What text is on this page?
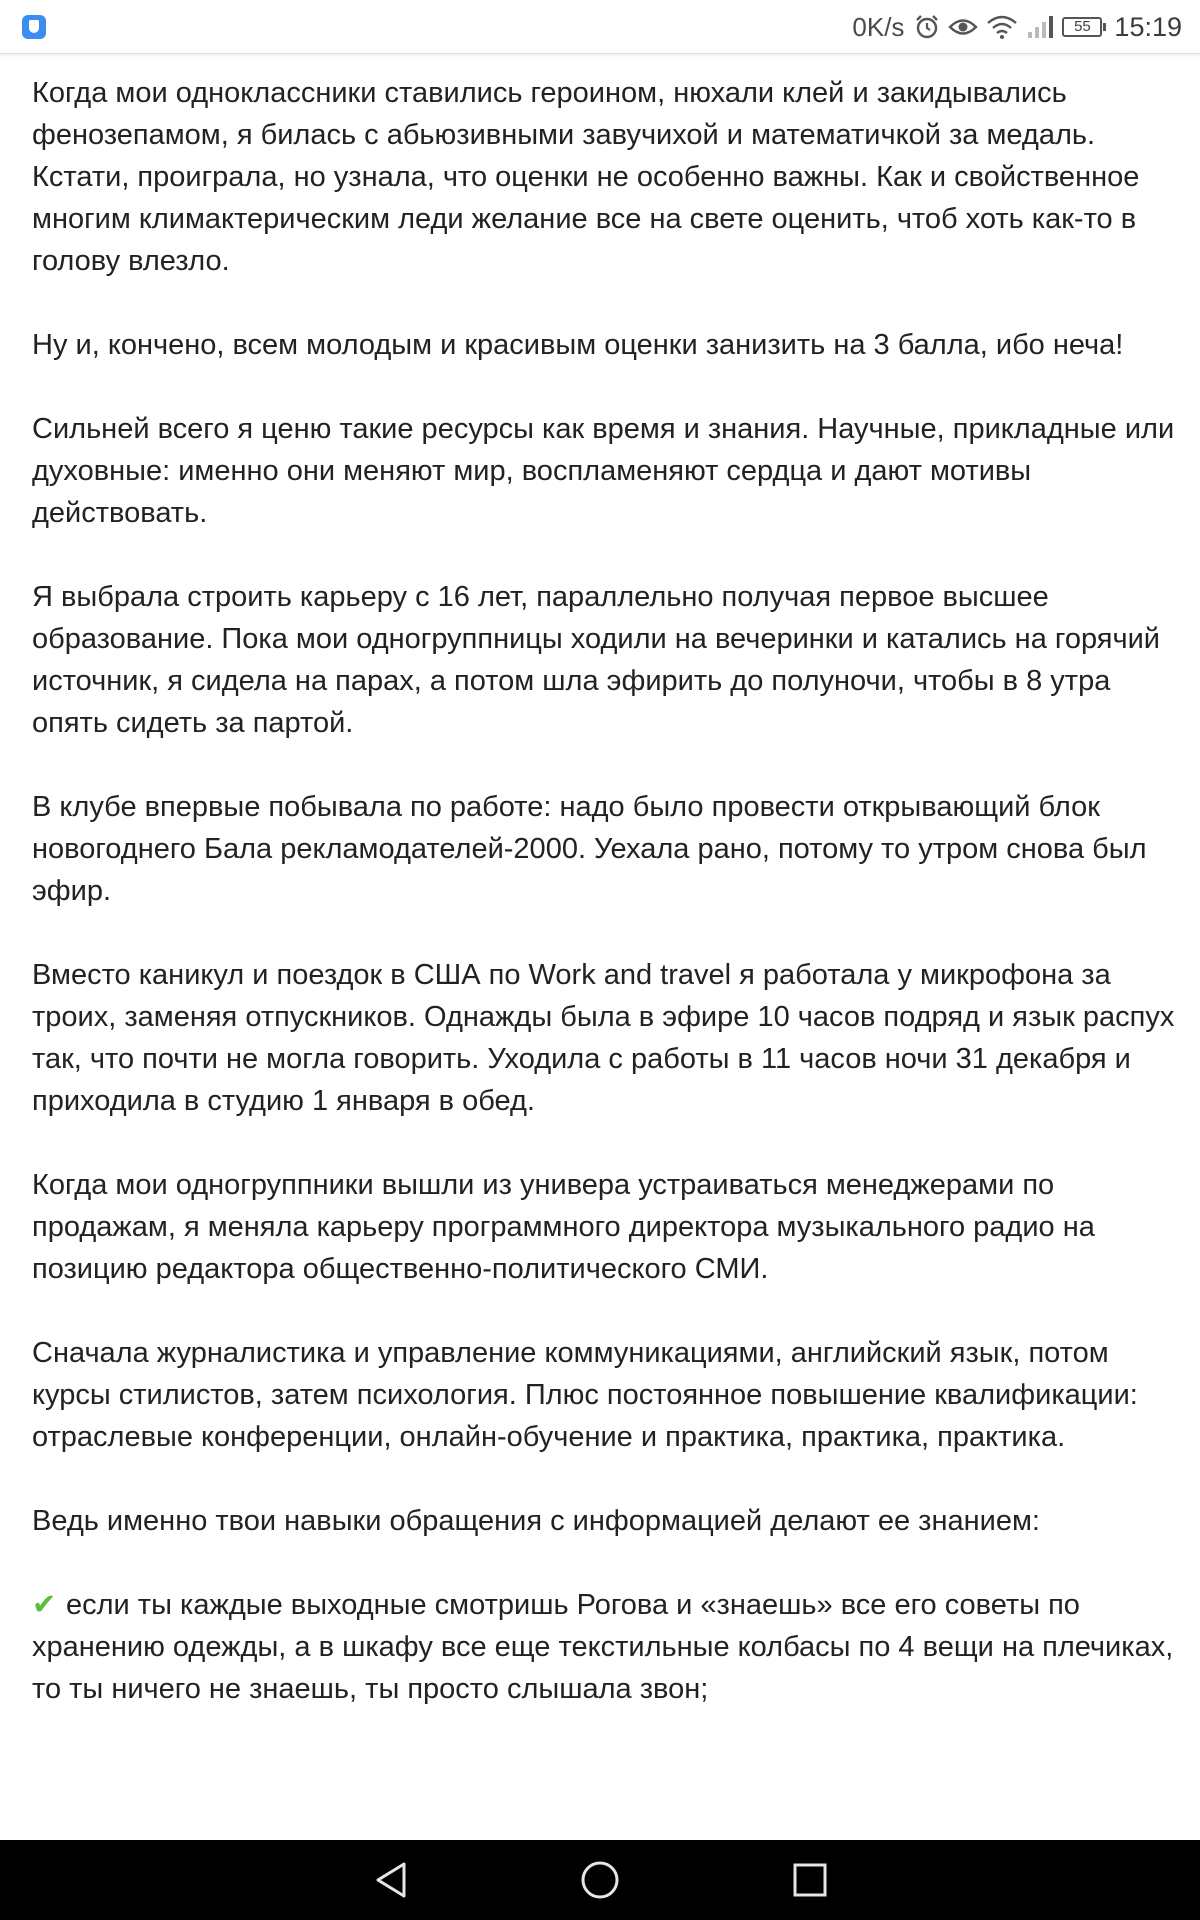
0K/s	55 15:19

Когда мои одноклассники ставились героином, нюхали клей и закидывались фенозепамом, я билась с абьюзивными завучихой и математичкой за медаль. Кстати, проиграла, но узнала, что оценки не особенно важны. Как и свойственное многим климактерическим леди желание все на свете оценить, чтоб хоть как-то в голову влезло.

Ну и, кончено, всем молодым и красивым оценки занизить на 3 балла, ибо неча!

Сильней всего я ценю такие ресурсы как время и знания. Научные, прикладные или духовные: именно они меняют мир, воспламеняют сердца и дают мотивы действовать.

Я выбрала строить карьеру с 16 лет, параллельно получая первое высшее образование. Пока мои одногруппницы ходили на вечеринки и катались на горячий источник, я сидела на парах, а потом шла эфирить до полуночи, чтобы в 8 утра опять сидеть за партой.

В клубе впервые побывала по работе: надо было провести открывающий блок новогоднего Бала рекламодателей-2000. Уехала рано, потому то утром снова был эфир.

Вместо каникул и поездок в США по Work and travel я работала у микрофона за троих, заменяя отпускников. Однажды была в эфире 10 часов подряд и язык распух так, что почти не могла говорить. Уходила с работы в 11 часов ночи 31 декабря и приходила в студию 1 января в обед.

Когда мои одногруппники вышли из универа устраиваться менеджерами по продажам, я меняла карьеру программного директора музыкального радио на позицию редактора общественно-политического СМИ.

Сначала журналистика и управление коммуникациями, английский язык, потом курсы стилистов, затем психология. Плюс постоянное повышение квалификации: отраслевые конференции, онлайн-обучение и практика, практика, практика.

Ведь именно твои навыки обращения с информацией делают ее знанием:

✔ если ты каждые выходные смотришь Рогова и «знаешь» все его советы по хранению одежды, а в шкафу все еще текстильные колбасы по 4 вещи на плечиках, то ты ничего не знаешь, ты просто слышала звон;
